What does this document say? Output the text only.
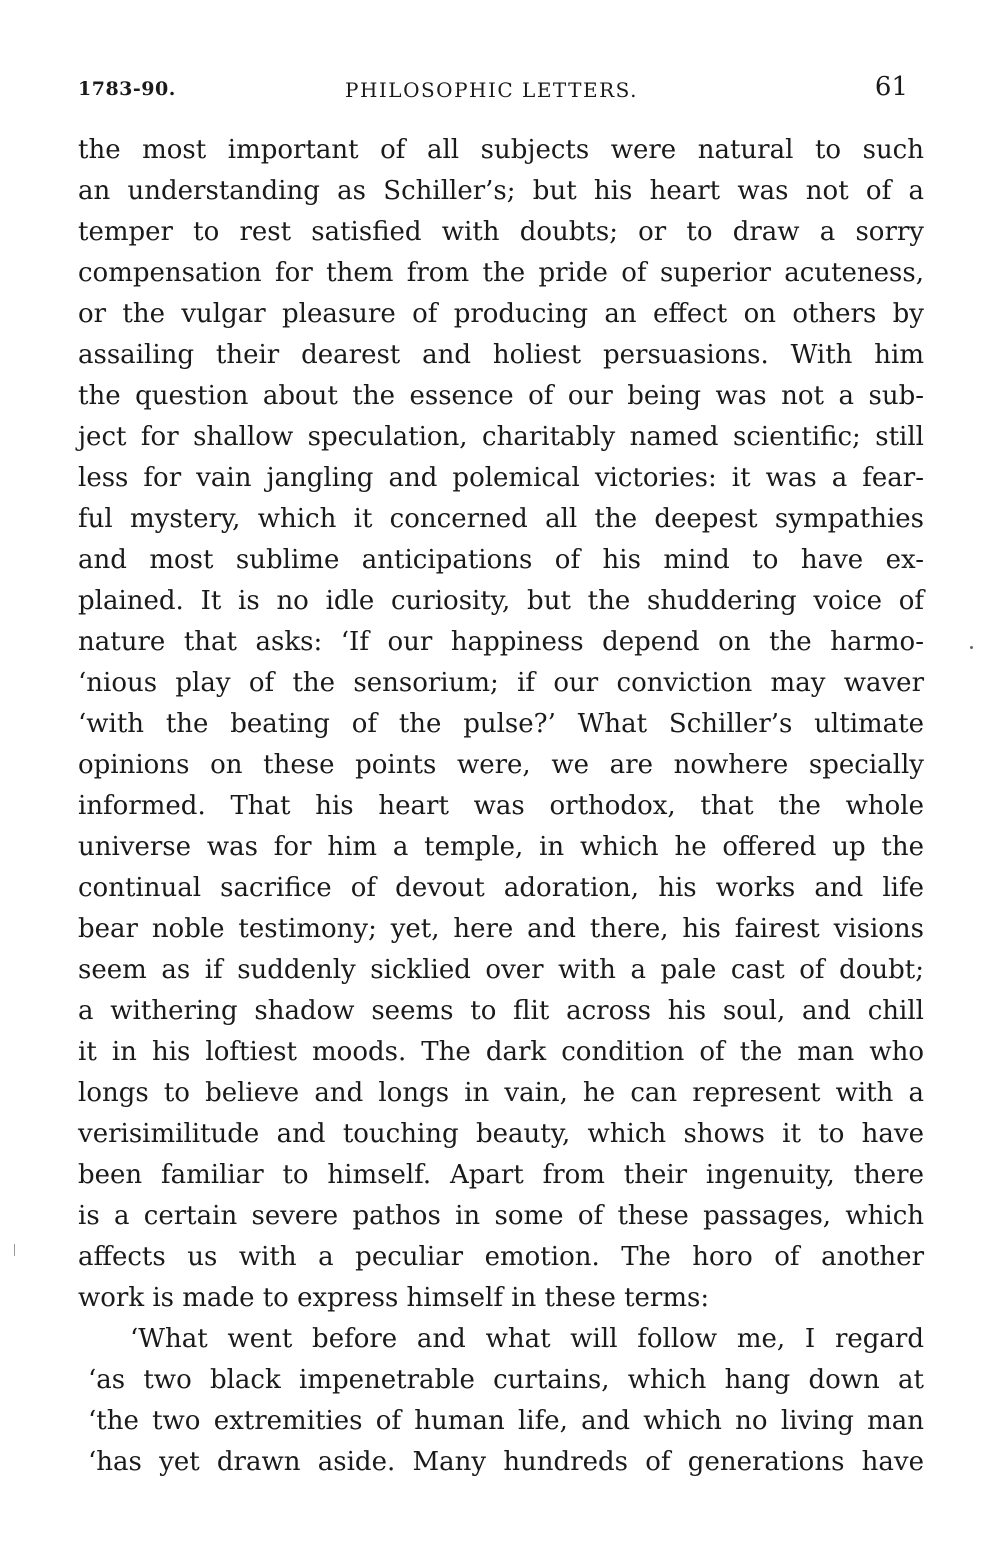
1783-90.	PHILOSOPHIC LETTERS.	61
the most important of all subjects were natural to such
an understanding as Schiller’s; but his heart was not of a
temper to rest satisfied with doubts; or to draw a sorry
compensation for them from the pride of superior acuteness,
or the vulgar pleasure of producing an effect on others by
assailing their dearest and holiest persuasions. With him
the question about the essence of our being was not a sub-
ject for shallow speculation, charitably named scientific; still
less for vain jangling and polemical victories: it was a fear-
ful mystery, which it concerned all the deepest sympathies
and most sublime anticipations of his mind to have ex-
plained. It is no idle curiosity, but the shuddering voice of
nature that asks: ‘If our happiness depend on the harmo-
‘nious play of the sensorium; if our conviction may waver
‘with the beating of the pulse?’ What Schiller’s ultimate
opinions on these points were, we are nowhere specially
informed. That his heart was orthodox, that the whole
universe was for him a temple, in which he offered up the
continual sacrifice of devout adoration, his works and life
bear noble testimony; yet, here and there, his fairest visions
seem as if suddenly sicklied over with a pale cast of doubt;
a withering shadow seems to flit across his soul, and chill
it in his loftiest moods. The dark condition of the man who
longs to believe and longs in vain, he can represent with a
verisimilitude and touching beauty, which shows it to have
been familiar to himself. Apart from their ingenuity, there
is a certain severe pathos in some of these passages, which
affects us with a peculiar emotion. The horo of another
work is made to express himself in these terms:
‘What went before and what will follow me, I regard
‘as two black impenetrable curtains, which hang down at
‘the two extremities of human life, and which no living man
‘has yet drawn aside. Many hundreds of generations have
